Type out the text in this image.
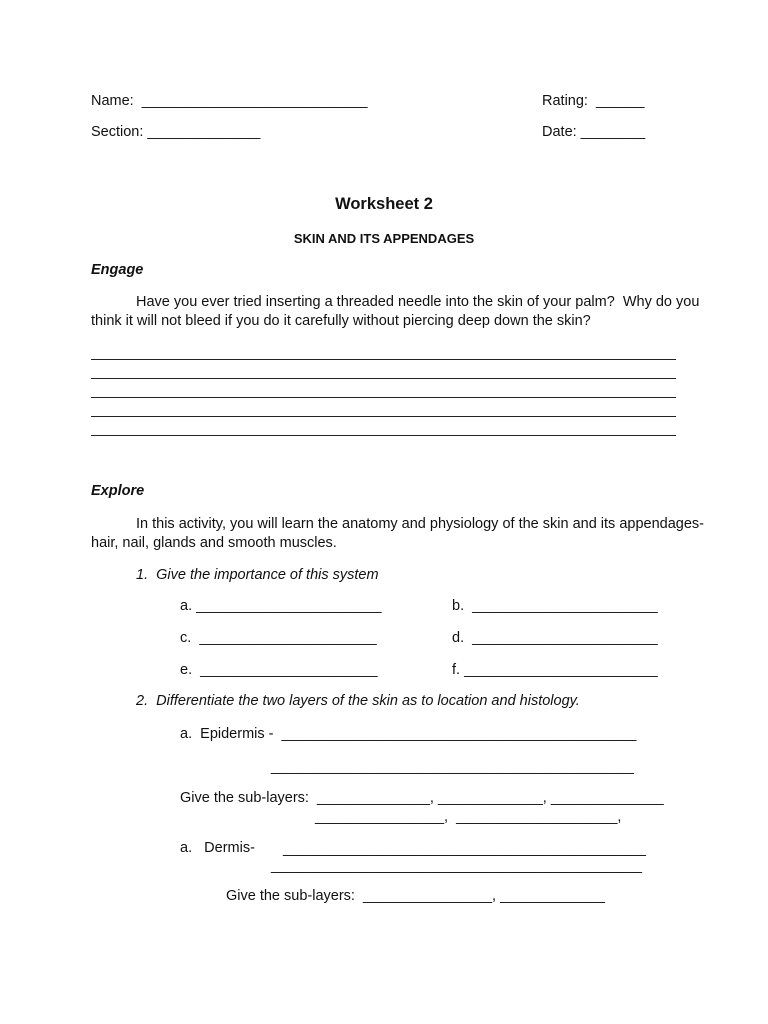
Name:  ____________________________	Rating:  ______
Section: ______________	Date: ________
Worksheet 2
SKIN AND ITS APPENDAGES
Engage
Have you ever tried inserting a threaded needle into the skin of your palm?  Why do you
think it will not bleed if you do it carefully without piercing deep down the skin?
Explore
In this activity, you will learn the anatomy and physiology of the skin and its appendages-
hair, nail, glands and smooth muscles.
1.  Give the importance of this system
a. _______________________	b.  _______________________
c.  ______________________	d.  _______________________
e.  ______________________	f. ________________________
2.  Differentiate the two layers of the skin as to location and histology.
a.  Epidermis -  ____________________________________________
_____________________________________________
Give the sub-layers:  ______________, _____________, ______________
________________,  ____________________,
a.   Dermis- _____________________________________________
______________________________________________
Give the sub-layers:  ________________, _____________
